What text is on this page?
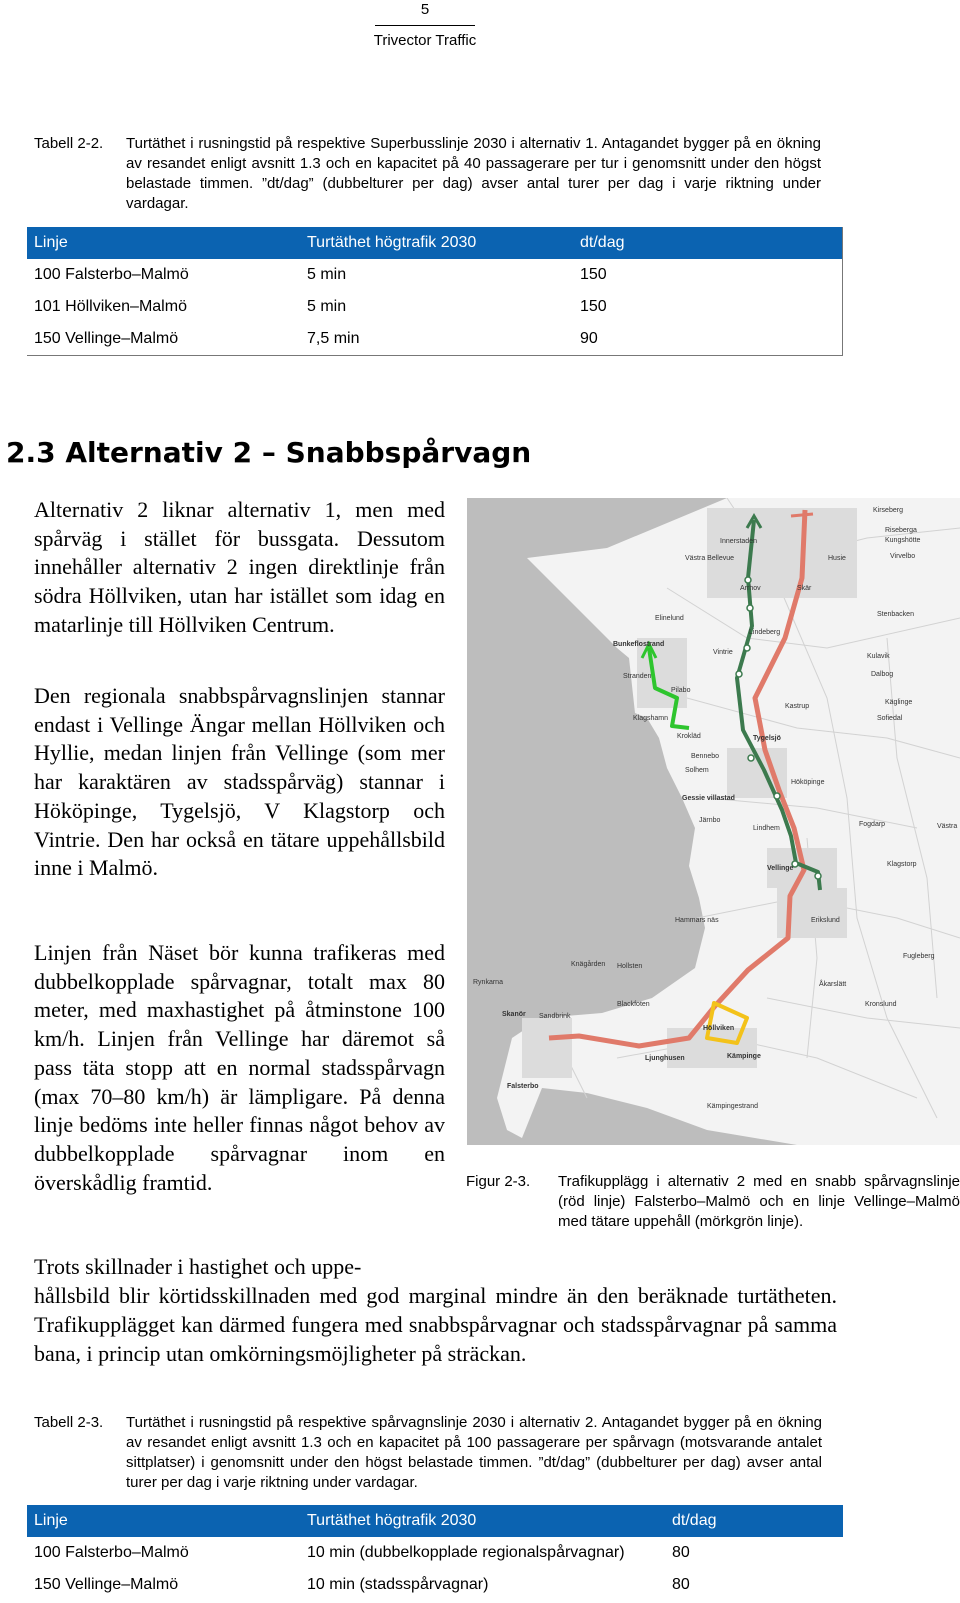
5
Trivector Traffic
Tabell 2-2. Turtäthet i rusningstid på respektive Superbusslinje 2030 i alternativ 1. Antagandet bygger på en ökning av resandet enligt avsnitt 1.3 och en kapacitet på 40 passagerare per tur i genomsnitt under den högst belastade timmen. ”dt/dag” (dubbelturer per dag) avser antal turer per dag i varje riktning under vardagar.
Linje	Turtäthet högtrafik 2030	dt/dag
100 Falsterbo–Malmö	5 min	150
101 Höllviken–Malmö	5 min	150
150 Vellinge–Malmö	7,5 min	90
2.3 Alternativ 2 – Snabbspårvagn

Alternativ 2 liknar alternativ 1, men med spårväg i stället för bussgata. Dessutom innehåller alternativ 2 ingen direktlinje från södra Höllviken, utan har istället som idag en matarlinje till Höllviken Centrum.

Den regionala snabbspårvagnslinjen stannar endast i Vellinge Ängar mellan Höllviken och Hyllie, medan linjen från Vellinge (som mer har karaktären av stadsspårväg) stannar i Hököpinge, Tygelsjö, V Klagstorp och Vintrie. Den har också en tätare uppehållsbild inne i Malmö.

Linjen från Näset bör kunna trafikeras med dubbelkopplade spårvagnar, totalt max 80 meter, med maxhastighet på åtminstone 100 km/h. Linjen från Vellinge har däremot så pass täta stopp att en normal stadsspårvagn (max 70–80 km/h) är lämpligare. På denna linje bedöms inte heller finnas något behov av dubbelkopplade spårvagnar inom en överskådlig framtid.

Kirseberg
Innerstaden
Riseberga
Kungshötte
Västra Bellevue	Husie	Virvelbo
Arrhov	Skär
Elinelund
Stenbacken
Lindeberg
Bunkeflostrand
Vintrie
Stranden
Pilabo
Kulavik
Dalbog
Käglinge
Sofiedal
Klagshamn
Krokläd
Kastrup
Tygelsjö
Bennebo
Solhem
Hököpinge
Gessie villastad
Fogdarp	Västra
Järnbo
Lindhem
Klagstorp
Vellinge
Erikslund
Hammars näs
Fugleberg
Åkarslätt
Kronslund
Knägården Hollsten
Rynkarna
Blackfoten
Skanör Sandbrink
Höllviken
Ljunghusen	Kämpinge
Falsterbo
Kämpingestrand
Figur 2-3. Trafikupplägg i alternativ 2 med en snabb spårvagnslinje (röd linje) Falsterbo–Malmö och en linje Vellinge–Malmö med tätare uppehåll (mörkgrön linje).

Trots skillnader i hastighet och uppe-

hållsbild blir körtidsskillnaden med god marginal mindre än den beräknade turtätheten. Trafikupplägget kan därmed fungera med snabbspårvagnar och stadsspårvagnar på samma bana, i princip utan omkörningsmöjligheter på sträckan.

Tabell 2-3. Turtäthet i rusningstid på respektive spårvagnslinje 2030 i alternativ 2. Antagandet bygger på en ökning av resandet enligt avsnitt 1.3 och en kapacitet på 100 passagerare per spårvagn (motsvarande antalet sittplatser) i genomsnitt under den högst belastade timmen. ”dt/dag” (dubbelturer per dag) avser antal turer per dag i varje riktning under vardagar.
Linje	Turtäthet högtrafik 2030	dt/dag
100 Falsterbo–Malmö	10 min (dubbelkopplade regionalspårvagnar)	80
150 Vellinge–Malmö	10 min (stadsspårvagnar)	80
